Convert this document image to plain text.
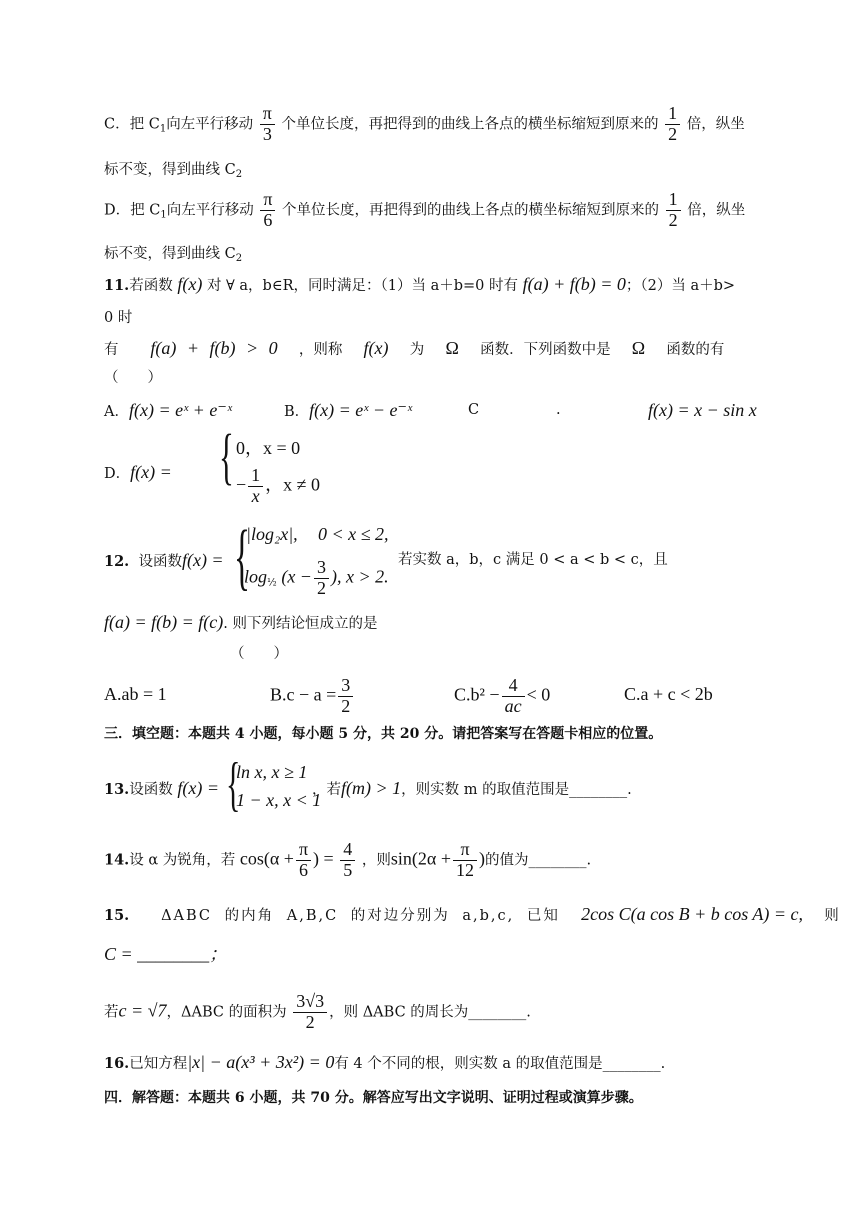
C．把 $C_1$向左平行移动 $\frac{\pi}{3}$ 个单位长度，再把得到的曲线上各点的横坐标缩短到原来的 $\frac{1}{2}$ 倍，纵坐
标不变，得到曲线 $C_2$
D．把 $C_1$向左平行移动 $\frac{\pi}{6}$ 个单位长度，再把得到的曲线上各点的横坐标缩短到原来的 $\frac{1}{2}$ 倍，纵坐
标不变，得到曲线 $C_2$
11.若函数 f(x) 对 ∀ a，b∈R，同时满足：（1）当 a＋b=0 时有 f(a) + f(b) = 0；（2）当 a＋b>
0 时
有 f(a) + f(b) > 0 ，则称 f(x) 为 Ω 函数．下列函数中是 Ω 函数的有
（　　）
A．f(x) = eˣ + e⁻ˣ	B．f(x) = eˣ − e⁻ˣ	C	.	f(x) = x − sin x
D．f(x) = { 0，x = 0
− $\frac{1}{x}$ ，x ≠ 0
12. 设函数f(x) = {
|log₂x|, 0 < x ≤ 2,
$\log_{\frac{1}{2}} (x - \frac{3}{2}$ ), x > 2.
若实数 a，b，c 满足 0 < a < b < c，且
f(a) = f(b) = f(c). 则下列结论恒成立的是
（　　）
A.ab = 1	$B.c - a = \frac{3}{2}$	$C.b^2 - \frac{4}{ac} < 0$	C.a + c < 2b
三．填空题：本题共 4 小题，每小题 5 分，共 20 分。请把答案写在答题卡相应的位置。
13.设函数 f(x) = {
ln x, x ≥ 1
1 − x, x < 1
，若f(m) > 1，则实数 m 的取值范围是________.
14.设 α 为锐角，若 $\cos(\alpha + \frac{\pi}{6}$ ) = $\frac{4}{5}$ ，则$\sin(2\alpha + \frac{\pi}{12}$ )的值为________.
15. ΔABC 的内角 A,B,C 的对边分别为 a,b,c, 已知 2cos C(a cos B + b cos A) = c, 则
C = ________；
若c = √7，ΔABC 的面积为 $\frac{3√3}{2}$ ，则 ΔABC 的周长为________.
16.已知方程|x| − a(x³ + 3x²) = 0有 4 个不同的根，则实数 a 的取值范围是________.
四．解答题：本题共 6 小题，共 70 分。解答应写出文字说明、证明过程或演算步骤。
